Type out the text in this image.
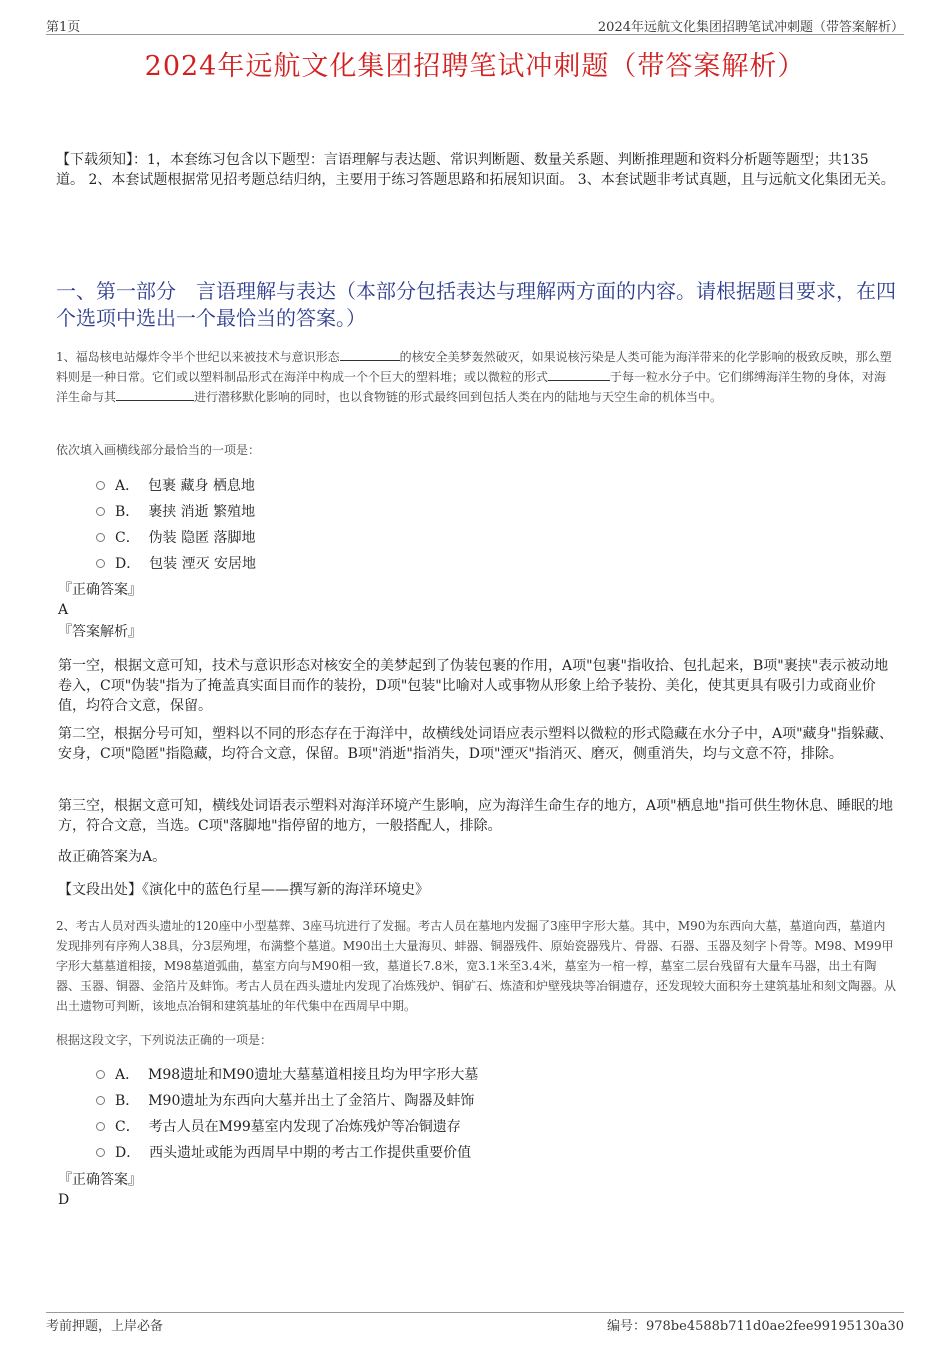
第1页	2024年远航文化集团招聘笔试冲刺题（带答案解析）
2024年远航文化集团招聘笔试冲刺题（带答案解析）
【下载须知】：1，本套练习包含以下题型：言语理解与表达题、常识判断题、数量关系题、判断推理题和资料分析题等题型；共135道。 2、本套试题根据常见招考题总结归纳，主要用于练习答题思路和拓展知识面。 3、本套试题非考试真题，且与远航文化集团无关。
一、第一部分　言语理解与表达（本部分包括表达与理解两方面的内容。请根据题目要求，在四个选项中选出一个最恰当的答案。）
1、福岛核电站爆炸令半个世纪以来被技术与意识形态	的核安全美梦轰然破灭，如果说核污染是人类可能为海洋带来的化学影响的极致反映，那么塑料则是一种日常。它们或以塑料制品形式在海洋中构成一个个巨大的塑料堆；或以微粒的形式	于每一粒水分子中。它们绑缚海洋生物的身体，对海洋生命与其	进行潜移默化影响的同时，也以食物链的形式最终回到包括人类在内的陆地与天空生命的机体当中。
依次填入画横线部分最恰当的一项是：
A． 包裹 藏身 栖息地
B． 裹挟 消逝 繁殖地
C． 伪装 隐匿 落脚地
D． 包装 湮灭 安居地
『正确答案』
A
『答案解析』
第一空，根据文意可知，技术与意识形态对核安全的美梦起到了伪装包裹的作用，A项"包裹"指收拾、包扎起来，B项"裹挟"表示被动地卷入，C项"伪装"指为了掩盖真实面目而作的装扮，D项"包装"比喻对人或事物从形象上给予装扮、美化，使其更具有吸引力或商业价值，均符合文意，保留。
第二空，根据分号可知，塑料以不同的形态存在于海洋中，故横线处词语应表示塑料以微粒的形式隐藏在水分子中，A项"藏身"指躲藏、安身，C项"隐匿"指隐藏，均符合文意，保留。B项"消逝"指消失，D项"湮灭"指消灭、磨灭，侧重消失，均与文意不符，排除。
第三空，根据文意可知，横线处词语表示塑料对海洋环境产生影响，应为海洋生命生存的地方，A项"栖息地"指可供生物休息、睡眠的地方，符合文意，当选。C项"落脚地"指停留的地方，一般搭配人，排除。
故正确答案为A。
【文段出处】《演化中的蓝色行星——撰写新的海洋环境史》
2、考古人员对西头遗址的120座中小型墓葬、3座马坑进行了发掘。考古人员在墓地内发掘了3座甲字形大墓。其中，M90为东西向大墓，墓道向西，墓道内发现排列有序殉人38具，分3层殉埋，布满整个墓道。M90出土大量海贝、蚌器、铜器残件、原始瓷器残片、骨器、石器、玉器及刻字卜骨等。M98、M99甲字形大墓墓道相接，M98墓道弧曲，墓室方向与M90相一致，墓道长7.8米，宽3.1米至3.4米，墓室为一棺一椁，墓室二层台残留有大量车马器，出土有陶器、玉器、铜器、金箔片及蚌饰。考古人员在西头遗址内发现了冶炼残炉、铜矿石、炼渣和炉壁残块等冶铜遗存，还发现较大面积夯土建筑基址和刻文陶器。从出土遗物可判断，该地点冶铜和建筑基址的年代集中在西周早中期。
根据这段文字，下列说法正确的一项是：
A． M98遗址和M90遗址大墓墓道相接且均为甲字形大墓
B． M90遗址为东西向大墓并出土了金箔片、陶器及蚌饰
C． 考古人员在M99墓室内发现了冶炼残炉等冶铜遗存
D． 西头遗址或能为西周早中期的考古工作提供重要价值
『正确答案』
D
考前押题，上岸必备	编号：978be4588b711d0ae2fee99195130a30
